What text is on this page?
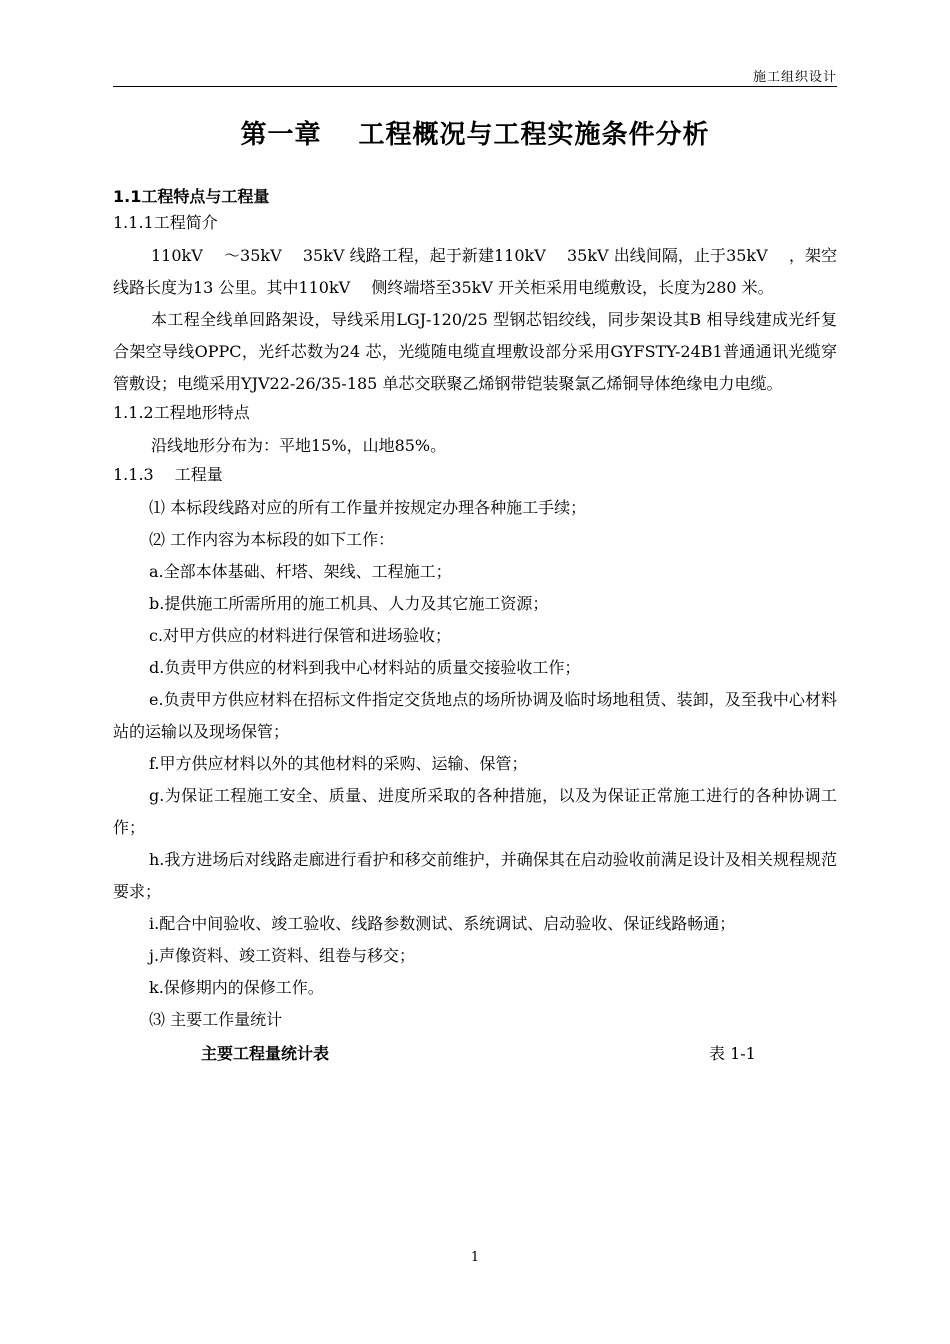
施工组织设计
第一章　 工程概况与工程实施条件分析
1.1工程特点与工程量
1.1.1工程简介
110kV 　～35kV　 35kV 线路工程，起于新建110kV　 35kV 出线间隔，止于35kV　 ，架空线路长度为13 公里。其中110kV　 侧终端塔至35kV 开关柜采用电缆敷设，长度为280 米。
本工程全线单回路架设，导线采用LGJ-120/25 型钢芯铝绞线，同步架设其B 相导线建成光纤复合架空导线OPPC，光纤芯数为24 芯，光缆随电缆直埋敷设部分采用GYFSTY-24B1普通通讯光缆穿管敷设；电缆采用YJV22-26/35-185 单芯交联聚乙烯钢带铠装聚氯乙烯铜导体绝缘电力电缆。
1.1.2工程地形特点
沿线地形分布为：平地15%，山地85%。
1.1.3　 工程量
⑴ 本标段线路对应的所有工作量并按规定办理各种施工手续；
⑵ 工作内容为本标段的如下工作：
a.全部本体基础、杆塔、架线、工程施工；
b.提供施工所需所用的施工机具、人力及其它施工资源；
c.对甲方供应的材料进行保管和进场验收；
d.负责甲方供应的材料到我中心材料站的质量交接验收工作；
e.负责甲方供应材料在招标文件指定交货地点的场所协调及临时场地租赁、装卸，及至我中心材料站的运输以及现场保管；
f.甲方供应材料以外的其他材料的采购、运输、保管；
g.为保证工程施工安全、质量、进度所采取的各种措施，以及为保证正常施工进行的各种协调工作；
h.我方进场后对线路走廊进行看护和移交前维护，并确保其在启动验收前满足设计及相关规程规范要求；
i.配合中间验收、竣工验收、线路参数测试、系统调试、启动验收、保证线路畅通；
j.声像资料、竣工资料、组卷与移交；
k.保修期内的保修工作。
⑶ 主要工作量统计
主要工程量统计表	表 1-1
1
